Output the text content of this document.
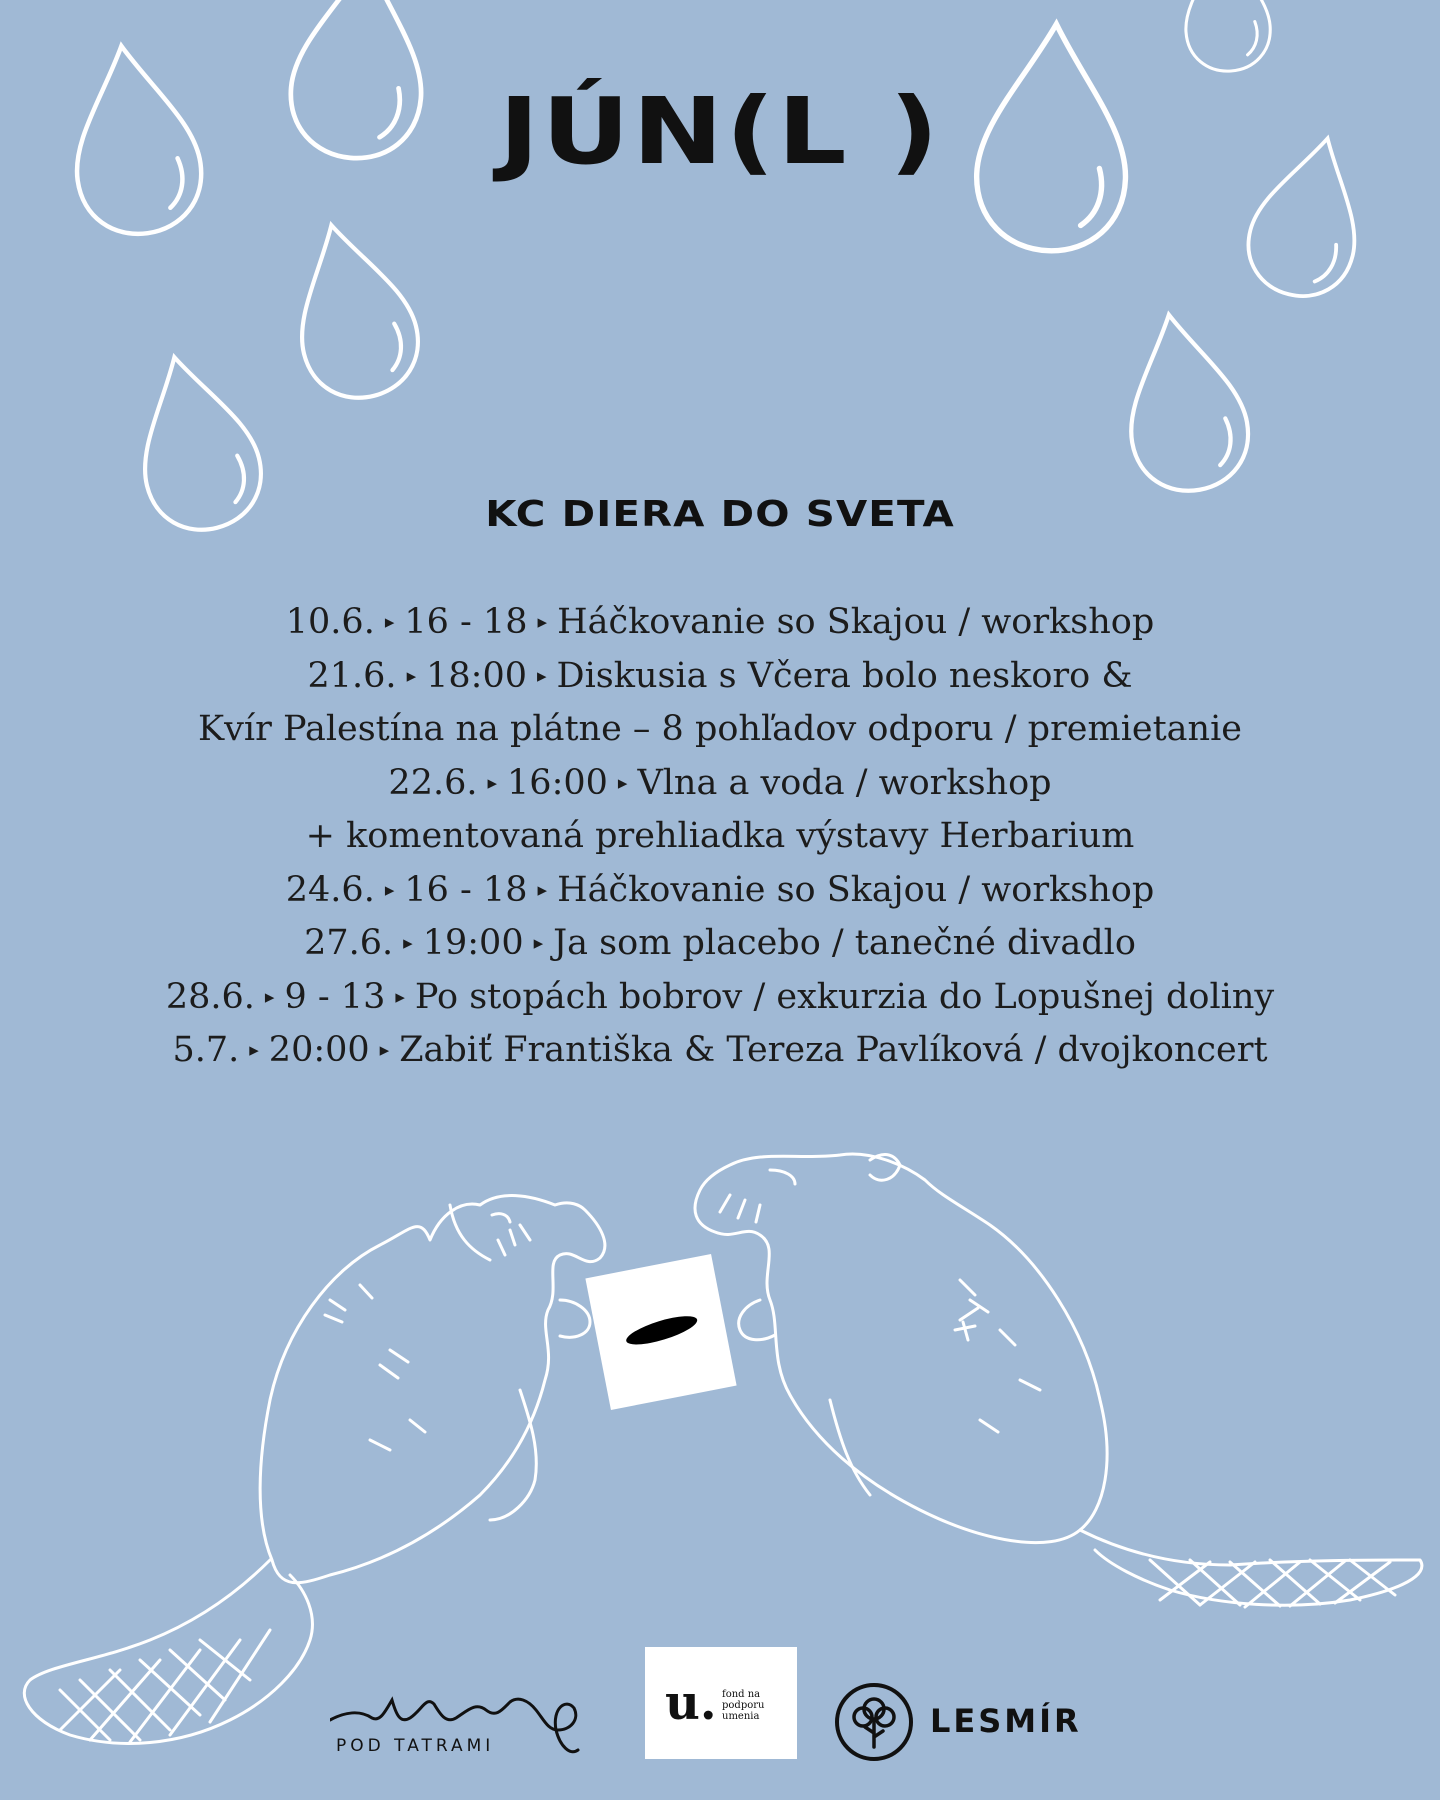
JÚN(L )
KC DIERA DO SVETA
10.6. ▸ 16 - 18 ▸ Háčkovanie so Skajou / workshop
21.6. ▸ 18:00 ▸ Diskusia s Včera bolo neskoro &
Kvír Palestína na plátne – 8 pohľadov odporu / premietanie
22.6. ▸ 16:00 ▸ Vlna a voda / workshop
+ komentovaná prehliadka výstavy Herbarium
24.6. ▸ 16 - 18 ▸ Háčkovanie so Skajou / workshop
27.6. ▸ 19:00 ▸ Ja som placebo / tanečné divadlo
28.6. ▸ 9 - 13 ▸ Po stopách bobrov / exkurzia do Lopušnej doliny
5.7. ▸ 20:00 ▸ Zabiť Františka & Tereza Pavlíková / dvojkoncert
POD TATRAMI
u. fond na podporu umenia	LESMÍR
